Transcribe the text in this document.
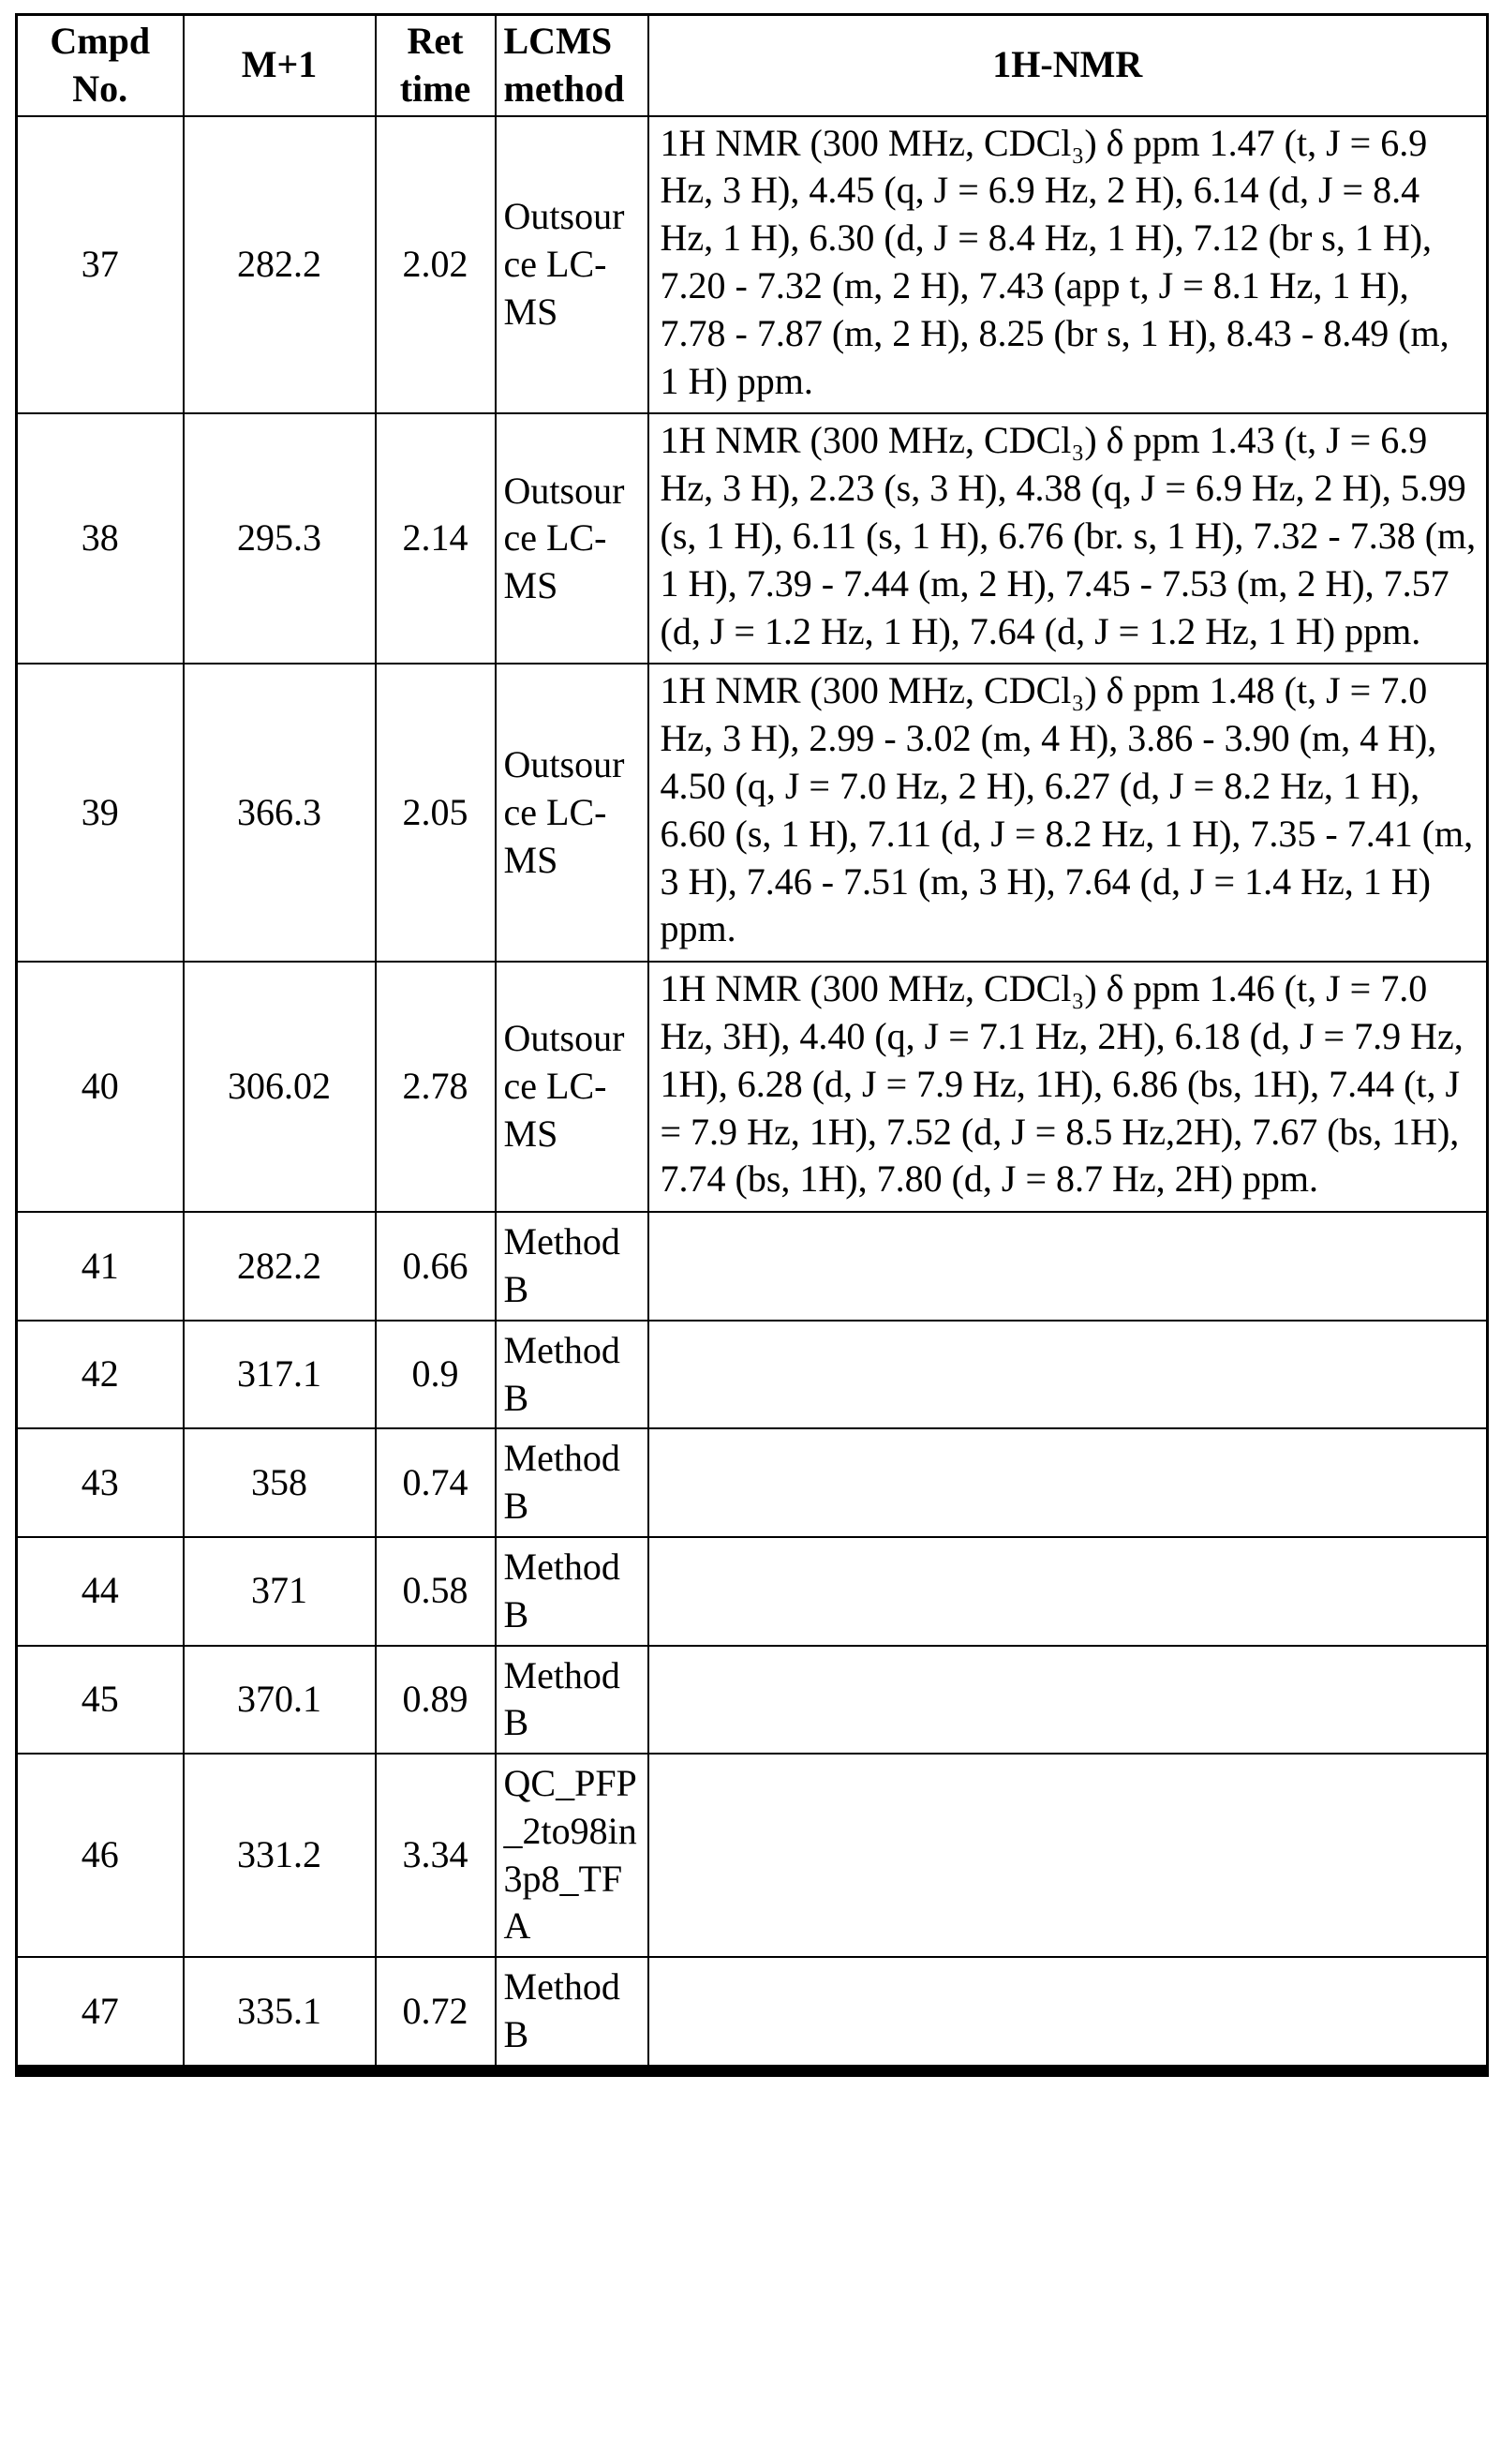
Cmpd No.	M+1	Ret time	LCMS method	1H-NMR
37	282.2	2.02	Outsource LC-MS	1H NMR (300 MHz, CDCl₃) δ ppm 1.47 (t, J = 6.9 Hz, 3 H), 4.45 (q, J = 6.9 Hz, 2 H), 6.14 (d, J = 8.4 Hz, 1 H), 6.30 (d, J = 8.4 Hz, 1 H), 7.12 (br s, 1 H), 7.20 - 7.32 (m, 2 H), 7.43 (app t, J = 8.1 Hz, 1 H), 7.78 - 7.87 (m, 2 H), 8.25 (br s, 1 H), 8.43 - 8.49 (m, 1 H) ppm.
38	295.3	2.14	Outsource LC-MS	1H NMR (300 MHz, CDCl₃) δ ppm 1.43 (t, J = 6.9 Hz, 3 H), 2.23 (s, 3 H), 4.38 (q, J = 6.9 Hz, 2 H), 5.99 (s, 1 H), 6.11 (s, 1 H), 6.76 (br. s, 1 H), 7.32 - 7.38 (m, 1 H), 7.39 - 7.44 (m, 2 H), 7.45 - 7.53 (m, 2 H), 7.57 (d, J = 1.2 Hz, 1 H), 7.64 (d, J = 1.2 Hz, 1 H) ppm.
39	366.3	2.05	Outsource LC-MS	1H NMR (300 MHz, CDCl₃) δ ppm 1.48 (t, J = 7.0 Hz, 3 H), 2.99 - 3.02 (m, 4 H), 3.86 - 3.90 (m, 4 H), 4.50 (q, J = 7.0 Hz, 2 H), 6.27 (d, J = 8.2 Hz, 1 H), 6.60 (s, 1 H), 7.11 (d, J = 8.2 Hz, 1 H), 7.35 - 7.41 (m, 3 H), 7.46 - 7.51 (m, 3 H), 7.64 (d, J = 1.4 Hz, 1 H) ppm.
40	306.02	2.78	Outsource LC-MS	1H NMR (300 MHz, CDCl₃) δ ppm 1.46 (t, J = 7.0 Hz, 3H), 4.40 (q, J = 7.1 Hz, 2H), 6.18 (d, J = 7.9 Hz, 1H), 6.28 (d, J = 7.9 Hz, 1H), 6.86 (bs, 1H), 7.44 (t, J = 7.9 Hz, 1H), 7.52 (d, J = 8.5 Hz,2H), 7.67 (bs, 1H), 7.74 (bs, 1H), 7.80 (d, J = 8.7 Hz, 2H) ppm.
41	282.2	0.66	Method B	
42	317.1	0.9	Method B	
43	358	0.74	Method B	
44	371	0.58	Method B	
45	370.1	0.89	Method B	
46	331.2	3.34	QC_PFP_2to98in3p8_TFA	
47	335.1	0.72	Method B	
